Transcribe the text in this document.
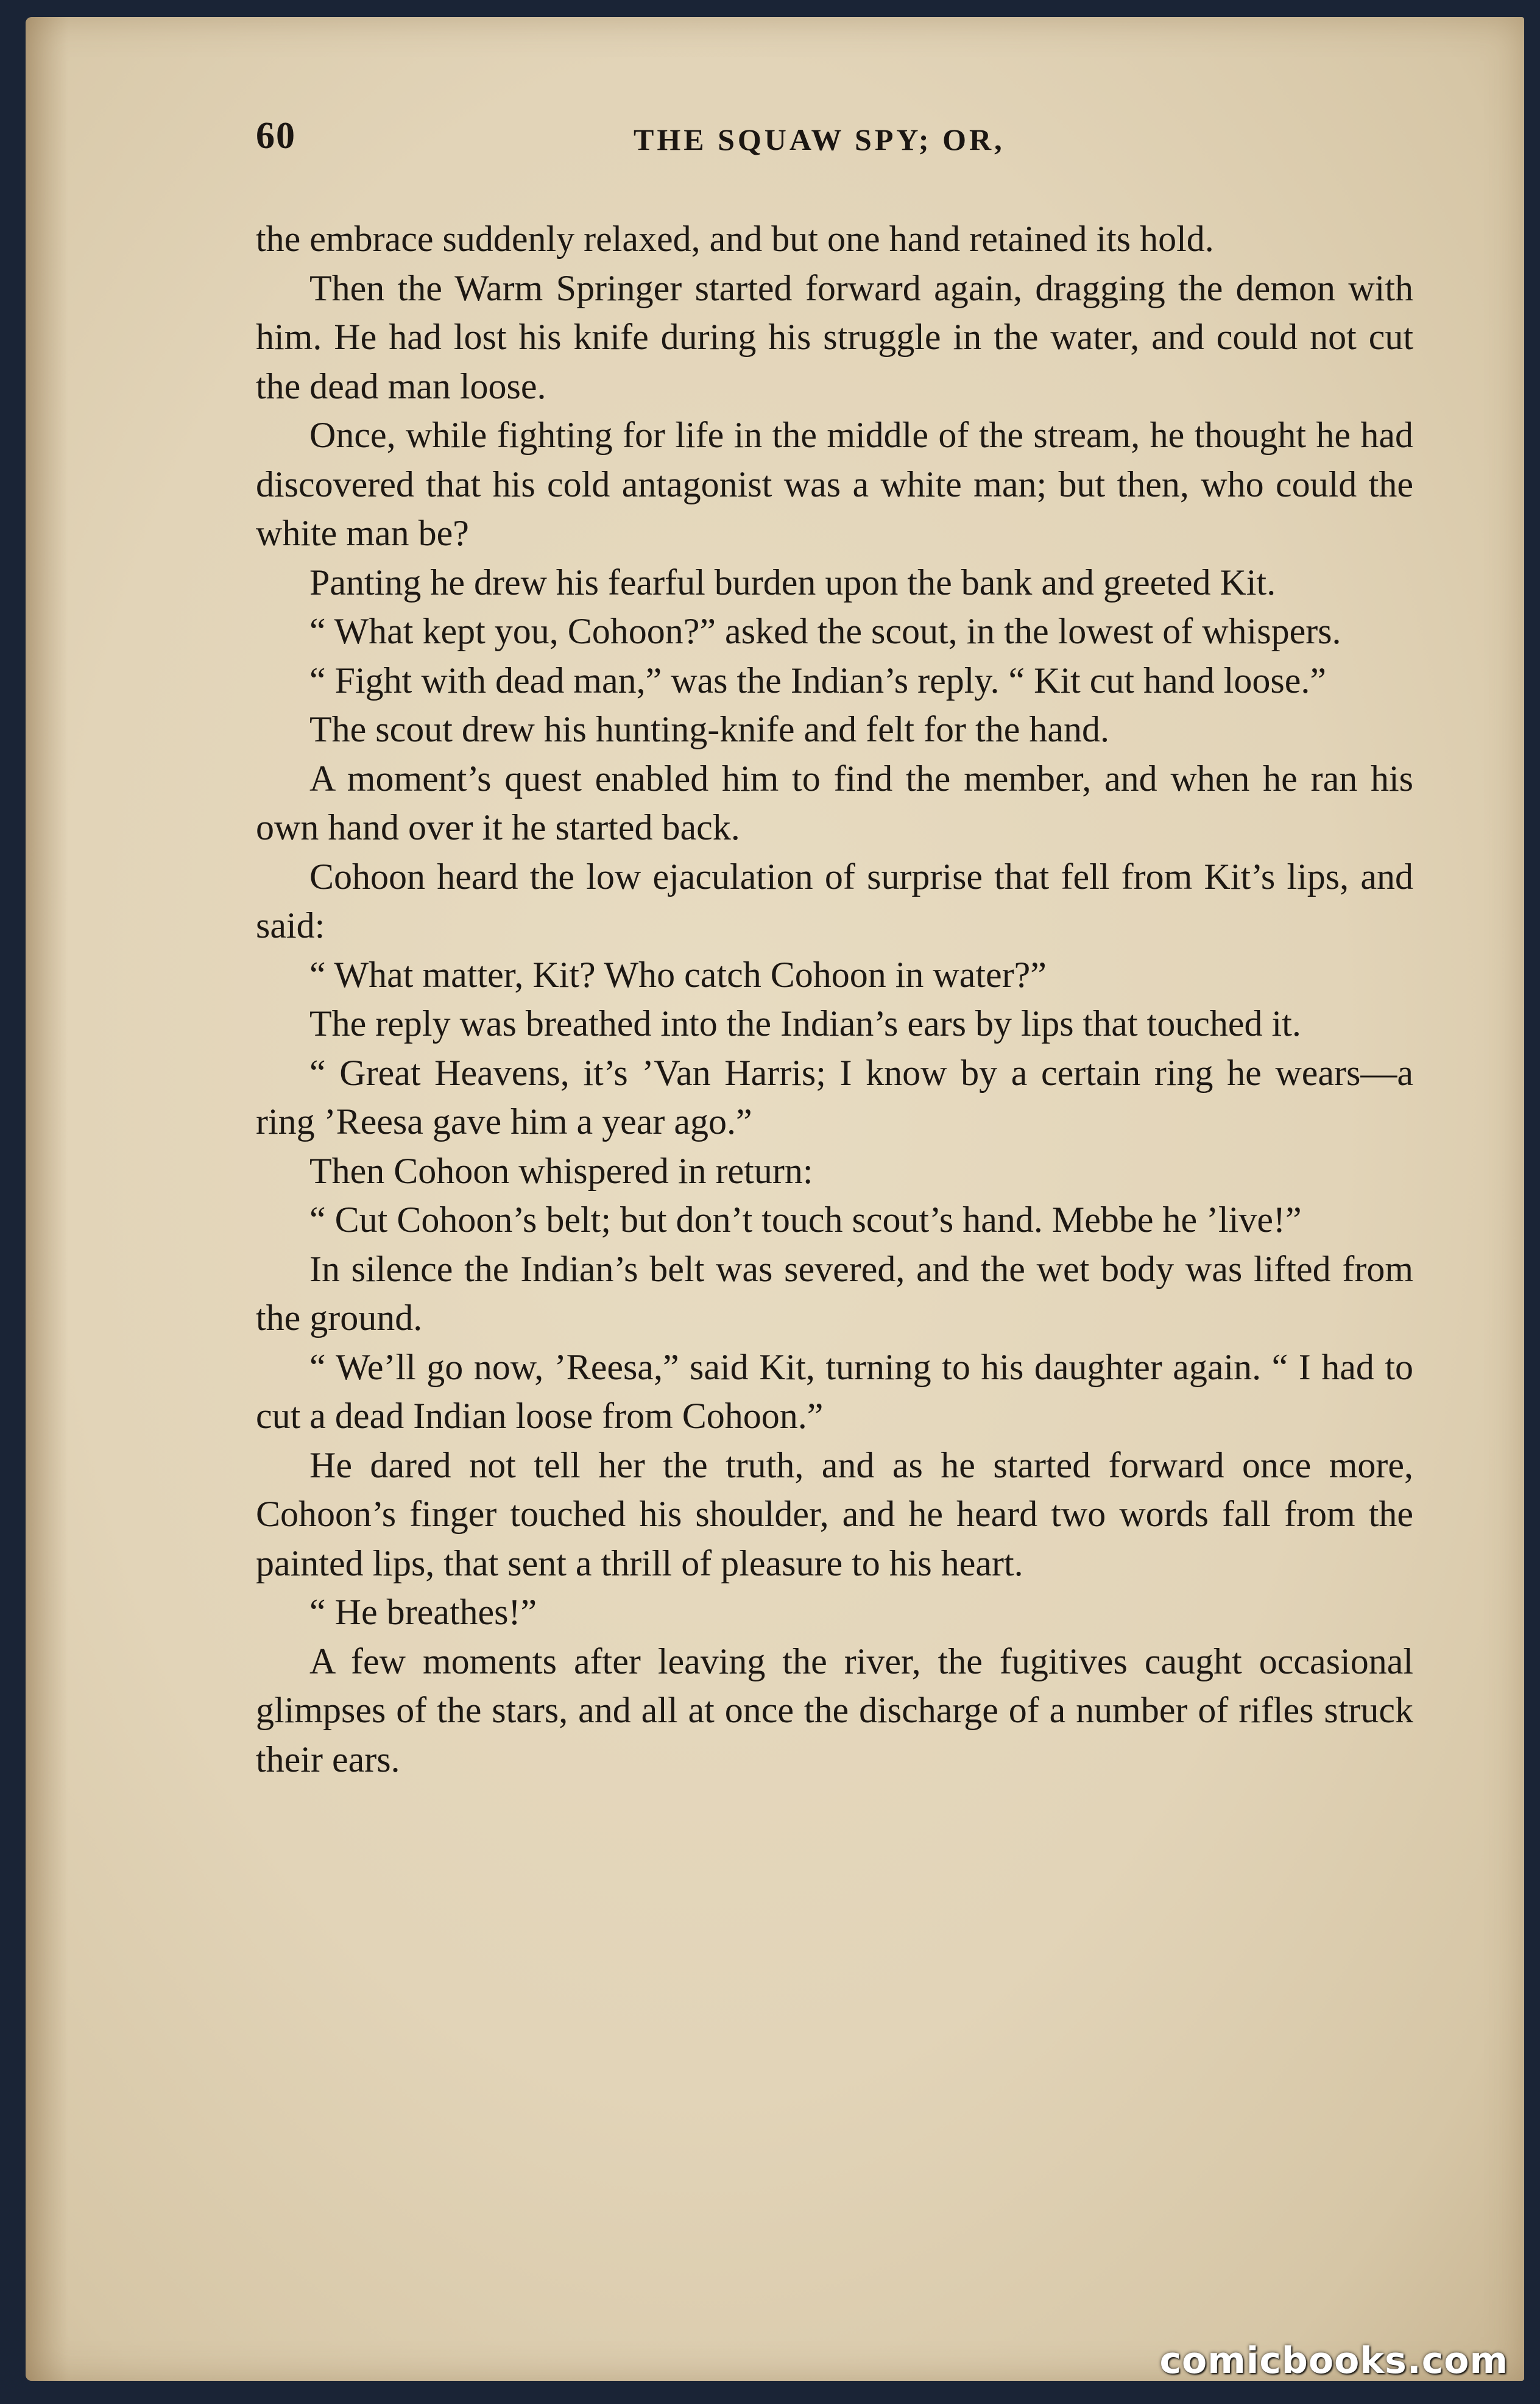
60	THE SQUAW SPY; OR,

the embrace suddenly relaxed, and but one hand retained its hold.

Then the Warm Springer started forward again, dragging the demon with him. He had lost his knife during his struggle in the water, and could not cut the dead man loose.

Once, while fighting for life in the middle of the stream, he thought he had discovered that his cold antagonist was a white man; but then, who could the white man be?

Panting he drew his fearful burden upon the bank and greeted Kit.

“ What kept you, Cohoon?” asked the scout, in the lowest of whispers.

“ Fight with dead man,” was the Indian’s reply. “ Kit cut hand loose.”

The scout drew his hunting-knife and felt for the hand.

A moment’s quest enabled him to find the member, and when he ran his own hand over it he started back.

Cohoon heard the low ejaculation of surprise that fell from Kit’s lips, and said:

“ What matter, Kit? Who catch Cohoon in water?”

The reply was breathed into the Indian’s ears by lips that touched it.

“ Great Heavens, it’s ’Van Harris; I know by a certain ring he wears—a ring ’Reesa gave him a year ago.”

Then Cohoon whispered in return:

“ Cut Cohoon’s belt; but don’t touch scout’s hand. Mebbe he ’live!”

In silence the Indian’s belt was severed, and the wet body was lifted from the ground.

“ We’ll go now, ’Reesa,” said Kit, turning to his daughter again. “ I had to cut a dead Indian loose from Cohoon.”

He dared not tell her the truth, and as he started forward once more, Cohoon’s finger touched his shoulder, and he heard two words fall from the painted lips, that sent a thrill of pleasure to his heart.

“ He breathes!”

A few moments after leaving the river, the fugitives caught occasional glimpses of the stars, and all at once the discharge of a number of rifles struck their ears.

comicbooks.com
